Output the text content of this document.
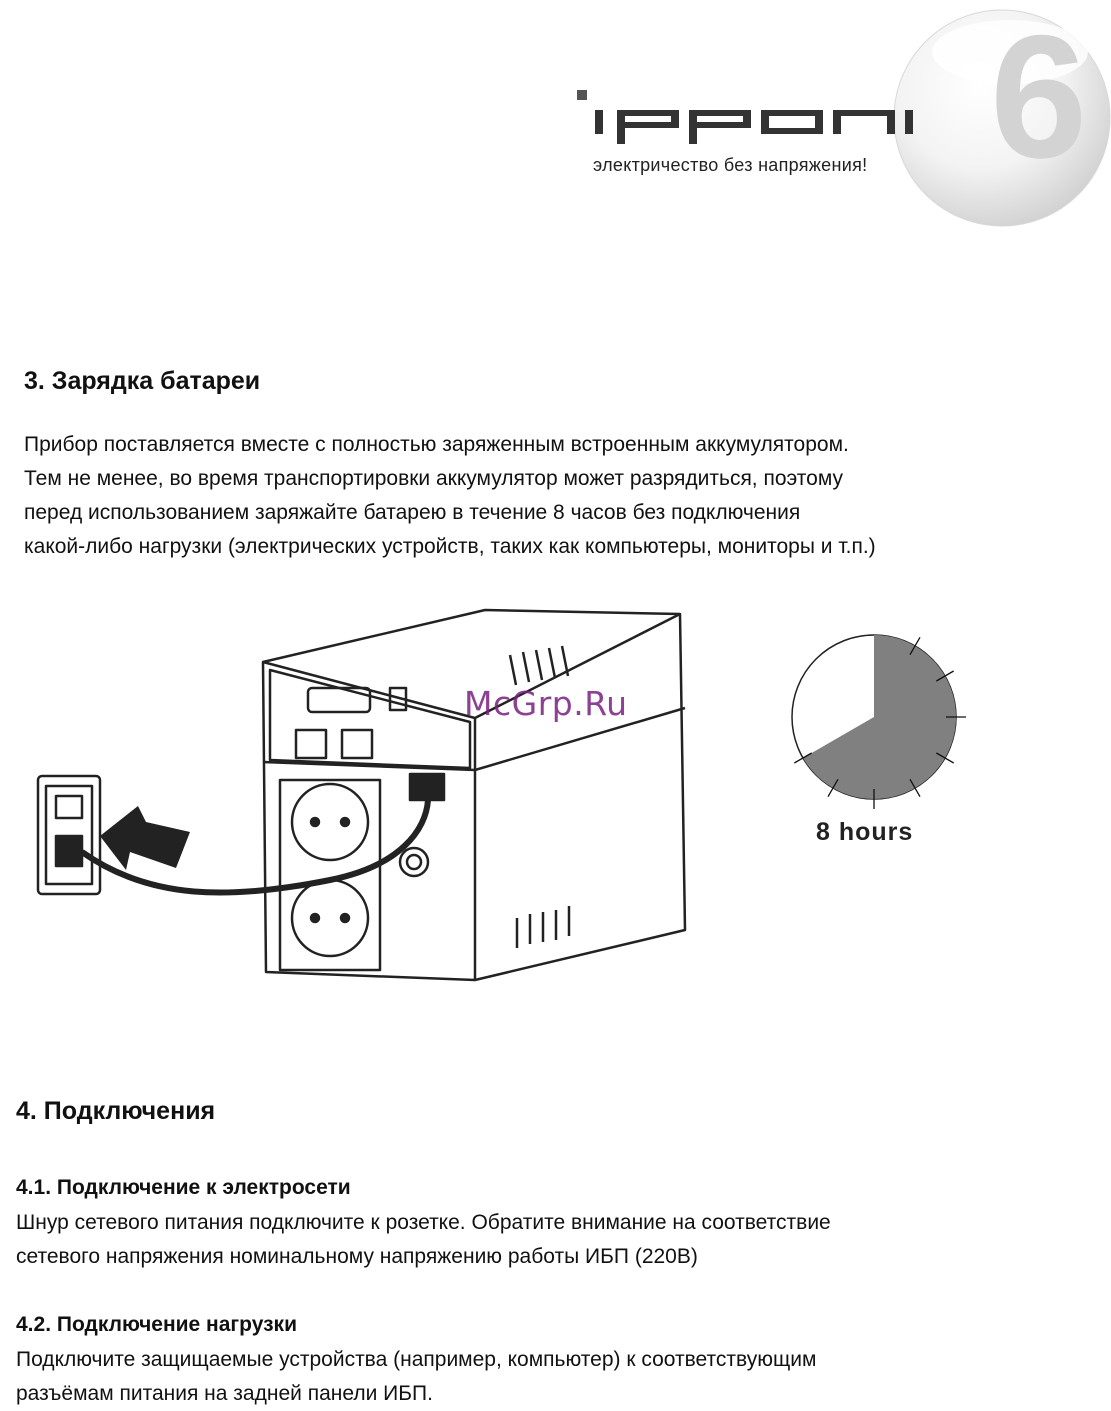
6
электричество без напряжения!
3. Зарядка батареи
Прибор поставляется вместе с полностью заряженным встроенным аккумулятором.
Тем не менее, во время транспортировки аккумулятор может разрядиться, поэтому
перед использованием заряжайте батарею в течение 8 часов без подключения
какой-либо нагрузки (электрических устройств, таких как компьютеры, мониторы и т.п.)
McGrp.Ru
8 hours
4. Подключения
4.1. Подключение к электросети
Шнур сетевого питания подключите к розетке. Обратите внимание на соответствие
сетевого напряжения номинальному напряжению работы ИБП (220В)
4.2. Подключение нагрузки
Подключите защищаемые устройства (например, компьютер) к соответствующим
разъёмам питания на задней панели ИБП.
